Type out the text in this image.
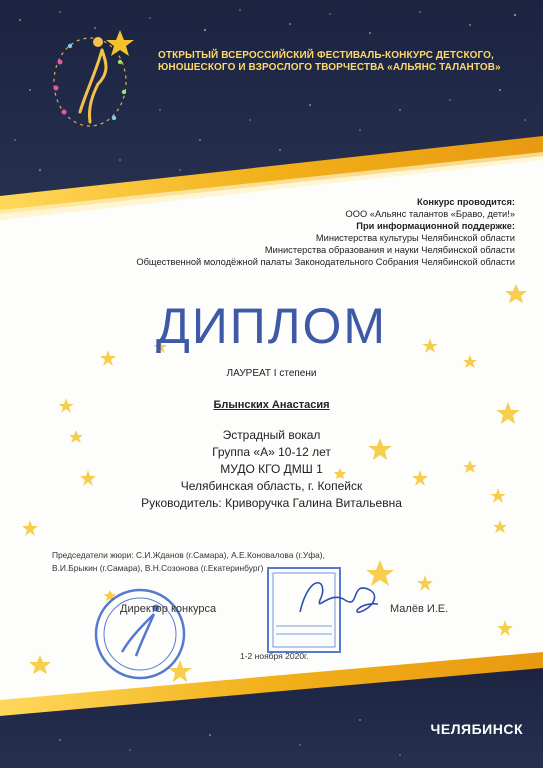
ОТКРЫТЫЙ ВСЕРОССИЙСКИЙ ФЕСТИВАЛЬ-КОНКУРС ДЕТСКОГО,
ЮНОШЕСКОГО И ВЗРОСЛОГО ТВОРЧЕСТВА «АЛЬЯНС ТАЛАНТОВ»
Конкурс проводится:
ООО «Альянс талантов «Браво, дети!»
При информационной поддержке:
Министерства культуры Челябинской области
Министерства образования и науки Челябинской области
Общественной молодёжной палаты Законодательного Собрания Челябинской области
ДИПЛОМ
ЛАУРЕАТ I степени
Блынских Анастасия
Эстрадный вокал
Группа «А» 10-12 лет
МУДО КГО ДМШ 1
Челябинская область, г. Копейск
Руководитель: Криворучка Галина Витальевна
Председатели жюри: С.И.Жданов (г.Самара), А.Е.Коновалова (г.Уфа),
В.И.Брыкин (г.Самара), В.Н.Созонова (г.Екатеринбург)
Директор конкурса	Малёв И.Е.
1-2 ноября 2020г.
ЧЕЛЯБИНСК
